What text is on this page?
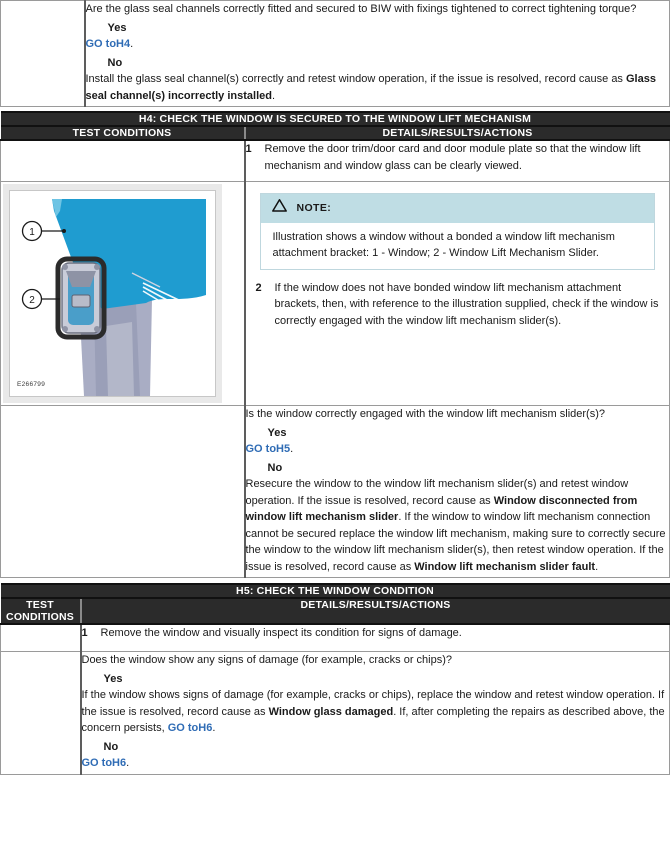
Are the glass seal channels correctly fitted and secured to BIW with fixings tightened to correct tightening torque?

Yes

GO toH4.

No

Install the glass seal channel(s) correctly and retest window operation, if the issue is resolved, record cause as Glass seal channel(s) incorrectly installed.

H4: CHECK THE WINDOW IS SECURED TO THE WINDOW LIFT MECHANISM	
TEST CONDITIONS	DETAILS/RESULTS/ACTIONS

	1 Remove the door trim/door card and door module plate so that the window lift mechanism and window glass can be clearly viewed.

1
2
E266799

NOTE:
Illustration shows a window without a bonded a window lift mechanism attachment bracket: 1 - Window; 2 - Window Lift Mechanism Slider.
2 If the window does not have bonded window lift mechanism attachment brackets, then, with reference to the illustration supplied, check if the window is correctly engaged with the window lift mechanism slider(s).

	Is the window correctly engaged with the window lift mechanism slider(s)?

Yes

GO toH5.

No

Resecure the window to the window lift mechanism slider(s) and retest window operation. If the issue is resolved, record cause as Window disconnected from window lift mechanism slider. If the window to window lift mechanism connection cannot be secured replace the window lift mechanism, making sure to correctly secure the window to the window lift mechanism slider(s), then retest window operation. If the issue is resolved, record cause as Window lift mechanism slider fault.

H5: CHECK THE WINDOW CONDITION	
TEST CONDITIONS	DETAILS/RESULTS/ACTIONS

	1 Remove the window and visually inspect its condition for signs of damage.

	Does the window show any signs of damage (for example, cracks or chips)?

Yes

If the window shows signs of damage (for example, cracks or chips), replace the window and retest window operation. If the issue is resolved, record cause as Window glass damaged. If, after completing the repairs as described above, the concern persists, GO toH6.

No

GO toH6.
